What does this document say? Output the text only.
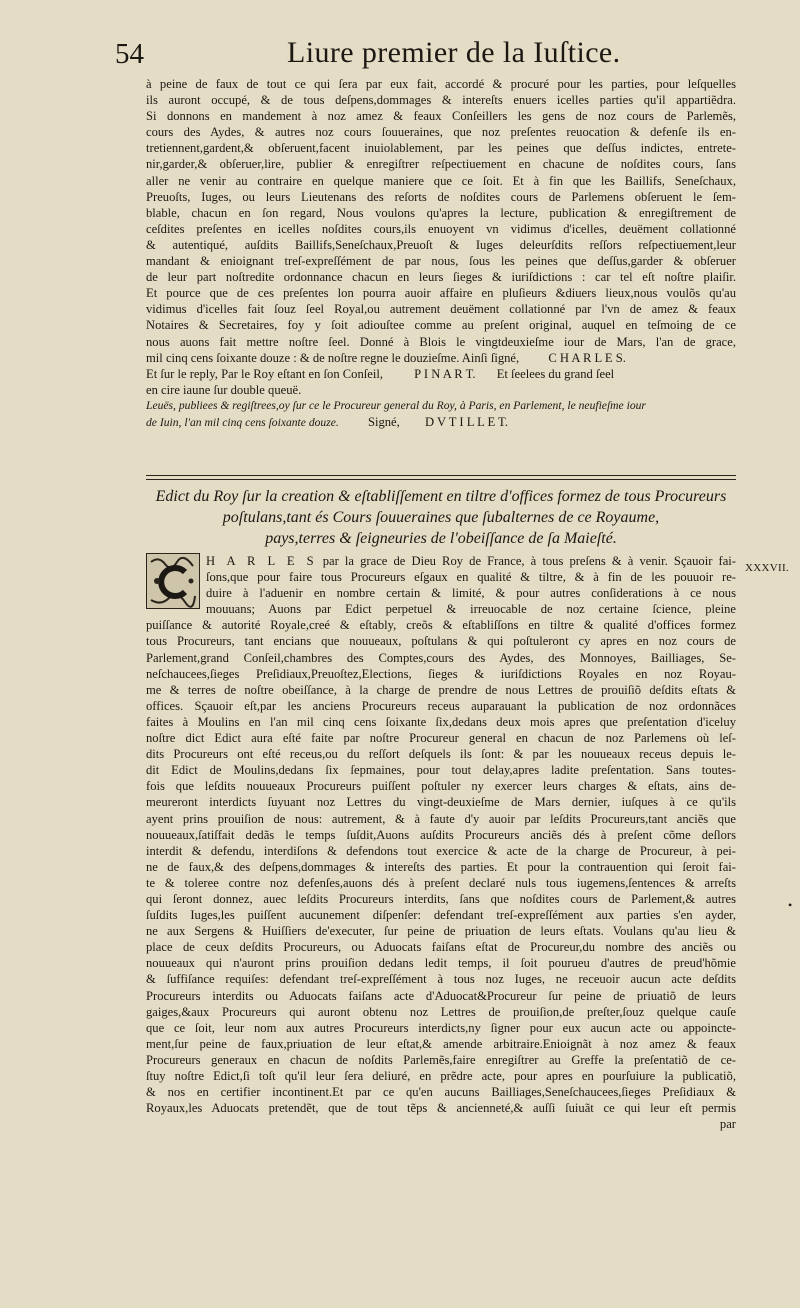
54	Liure premier de la Iuſtice.
à peine de faux de tout ce qui ſera par eux fait, accordé & procuré pour les parties, pour leſquelles
ils auront occupé, & de tous deſpens,dommages & intereſts enuers icelles parties qu'il appartiẽdra.
Si donnons en mandement à noz amez & feaux Conſeillers les gens de noz cours de Parlemẽs,
cours des Aydes, & autres noz cours ſouueraines, que noz preſentes reuocation & defenſe ils en-
tretiennent,gardent,& obſeruent,facent inuiolablement, par les peines que deſſus indictes, entrete-
nir,garder,& obſeruer,lire, publier & enregiſtrer reſpectiuement en chacune de noſdites cours, ſans
aller ne venir au contraire en quelque maniere que ce ſoit. Et à fin que les Baillifs, Seneſchaux,
Preuoſts, Iuges, ou leurs Lieutenans des reſorts de noſdites cours de Parlemens obſeruent le ſem-
blable, chacun en ſon regard, Nous voulons qu'apres la lecture, publication & enregiſtrement de
ceſdites preſentes en icelles noſdites cours,ils enuoyent vn vidimus d'icelles, deuëment collationné
& autentiqué, auſdits Baillifs,Seneſchaux,Preuoſt & Iuges deleurſdits reſſors reſpectiuement,leur
mandant & enioignant treſ-expreſſément de par nous, ſous les peines que deſſus,garder & obſeruer
de leur part noſtredite ordonnance chacun en leurs ſieges & iuriſdictions : car tel eſt noſtre plaiſir.
Et pource que de ces preſentes lon pourra auoir affaire en pluſieurs &diuers lieux,nous voulõs qu'au
vidimus d'icelles fait ſouz ſeel Royal,ou autrement deuëment collationné par l'vn de amez & feaux
Notaires & Secretaires, foy y ſoit adiouſtee comme au preſent original, auquel en teſmoing de ce
nous auons fait mettre noſtre ſeel. Donné à Blois le vingtdeuxieſme iour de Mars, l'an de grace,
mil cinq cens ſoixante douze : & de noſtre regne le douzieſme. Ainſi ſigné, C H A R L E S.
Et ſur le reply, Par le Roy eſtant en ſon Conſeil, P I N A R T. Et ſeelees du grand ſeel
en cire iaune ſur double queuë.
Leuës, publiees & regiſtrees,oy ſur ce le Procureur general du Roy, à Paris, en Parlement, le neufieſme iour
de Iuin, l'an mil cinq cens ſoixante douze. Signé, D V T I L L E T.
Edict du Roy ſur la creation & eſtabliſſement en tiltre d'offices formez de tous Procureurs
poſtulans,tant és Cours ſouueraines que ſubalternes de ce Royaume,
pays,terres & ſeigneuries de l'obeiſſance de ſa Maieſté.
XXXVII.
•
H A R L E S par la grace de Dieu Roy de France, à tous preſens & à venir. Sçauoir fai-
ſons,que pour faire tous Procureurs eſgaux en qualité & tiltre, & à fin de les pouuoir re-
duire à l'aduenir en nombre certain & limité, & pour autres conſiderations à ce nous
mouuans; Auons par Edict perpetuel & irreuocable de noz certaine ſcience, pleine
puiſſance & autorité Royale,creé & eſtably, creõs & eſtabliſſons en tiltre & qualité d'offices formez
tous Procureurs, tant encians que nouueaux, poſtulans & qui poſtuleront cy apres en noz cours de
Parlement,grand Conſeil,chambres des Comptes,cours des Aydes, des Monnoyes, Bailliages, Se-
neſchaucees,ſieges Preſidiaux,Preuoſtez,Elections, ſieges & iuriſdictions Royales en noz Royau-
me & terres de noſtre obeiſſance, à la charge de prendre de nous Lettres de prouiſiõ deſdits eſtats &
offices. Sçauoir eſt,par les anciens Procureurs receus auparauant la publication de noz ordonnãces
faites à Moulins en l'an mil cinq cens ſoixante ſix,dedans deux mois apres que preſentation d'iceluy
noſtre dict Edict aura eſté faite par noſtre Procureur general en chacun de noz Parlemens où leſ-
dits Procureurs ont eſté receus,ou du reſſort deſquels ils ſont: & par les nouueaux receus depuis le-
dit Edict de Moulins,dedans ſix ſepmaines, pour tout delay,apres ladite preſentation. Sans toutes-
fois que leſdits nouueaux Procureurs puiſſent poſtuler ny exercer leurs charges & eſtats, ains de-
meureront interdicts ſuyuant noz Lettres du vingt-deuxieſme de Mars dernier, iuſques à ce qu'ils
ayent prins prouiſion de nous: autrement, & à faute d'y auoir par leſdits Procureurs,tant anciẽs que
nouueaux,ſatiſfait dedãs le temps ſuſdit,Auons auſdits Procureurs anciẽs dés à preſent cõme deſlors
interdit & defendu, interdiſons & defendons tout exercice & acte de la charge de Procureur, à pei-
ne de faux,& des deſpens,dommages & intereſts des parties. Et pour la contrauention qui ſeroit fai-
te & toleree contre noz defenſes,auons dés à preſent declaré nuls tous iugemens,ſentences & arreſts
qui ſeront donnez, auec leſdits Procureurs interdits, ſans que noſdites cours de Parlement,& autres
ſuſdits Iuges,les puiſſent aucunement diſpenſer: defendant treſ-expreſſément aux parties s'en ayder,
ne aux Sergens & Huiſſiers de'executer, ſur peine de priuation de leurs eſtats. Voulans qu'au lieu &
place de ceux deſdits Procureurs, ou Aduocats faiſans eſtat de Procureur,du nombre des anciẽs ou
nouueaux qui n'auront prins prouiſion dedans ledit temps, il ſoit pourueu d'autres de preud'hõmie
& ſuffiſance requiſes: defendant treſ-expreſſément à tous noz Iuges, ne receuoir aucun acte deſdits
Procureurs interdits ou Aduocats faiſans acte d'Aduocat&Procureur ſur peine de priuatiõ de leurs
gaiges,&aux Procureurs qui auront obtenu noz Lettres de prouiſion,de preſter,ſouz quelque cauſe
que ce ſoit, leur nom aux autres Procureurs interdicts,ny ſigner pour eux aucun acte ou appoincte-
ment,ſur peine de faux,priuation de leur eſtat,& amende arbitraire.Enioignãt à noz amez & feaux
Procureurs generaux en chacun de noſdits Parlemẽs,faire enregiſtrer au Greffe la preſentatiõ de ce-
ſtuy noſtre Edict,ſi toſt qu'il leur ſera deliuré, en prẽdre acte, pour apres en pourſuiure la publicatiõ,
& nos en certifier incontinent.Et par ce qu'en aucuns Bailliages,Seneſchaucees,ſieges Preſidiaux &
Royaux,les Aduocats pretendẽt, que de tout tẽps & ancienneté,& auſſi ſuiuãt ce qui leur eſt permis
par
